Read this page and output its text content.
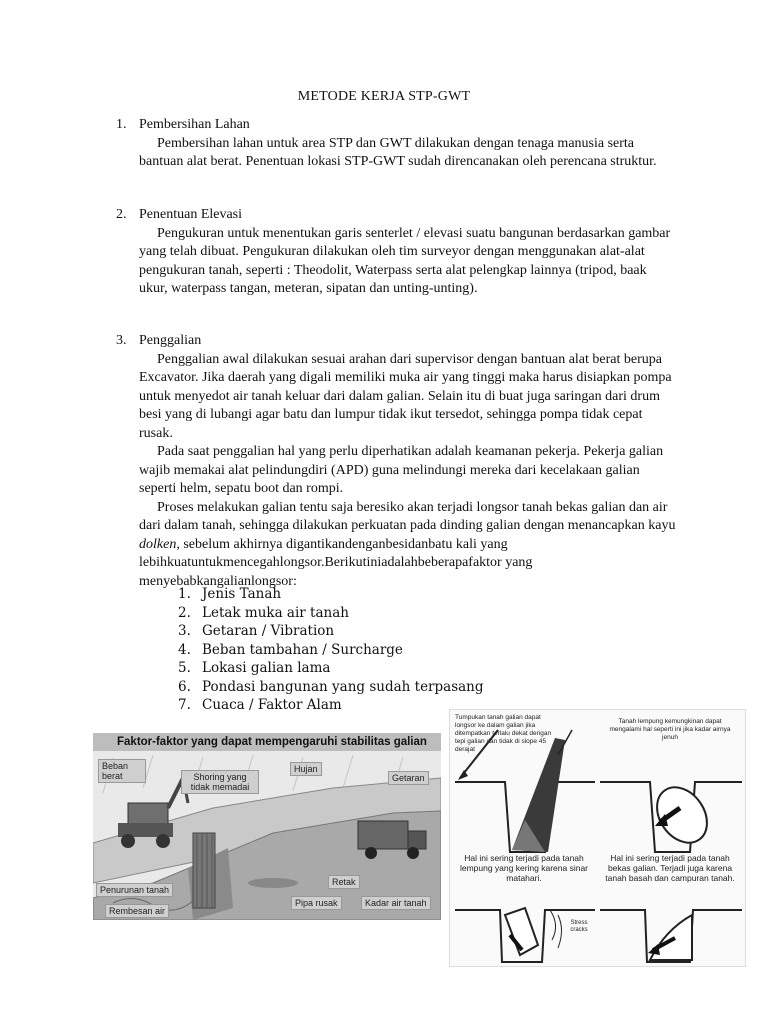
METODE KERJA STP-GWT
1. Pembersihan Lahan

Pembersihan lahan untuk area STP dan GWT dilakukan dengan tenaga manusia serta bantuan alat berat. Penentuan lokasi STP-GWT sudah direncanakan oleh perencana struktur.

2. Penentuan Elevasi

Pengukuran untuk menentukan garis senterlet / elevasi suatu bangunan berdasarkan gambar yang telah dibuat. Pengukuran dilakukan oleh tim surveyor dengan menggunakan alat-alat pengukuran tanah, seperti : Theodolit, Waterpass serta alat pelengkap lainnya (tripod, baak ukur, waterpass tangan, meteran, sipatan dan unting-unting).

3. Penggalian

Penggalian awal dilakukan sesuai arahan dari supervisor dengan bantuan alat berat berupa Excavator. Jika daerah yang digali memiliki muka air yang tinggi maka harus disiapkan pompa untuk menyedot air tanah keluar dari dalam galian. Selain itu di buat juga saringan dari drum besi yang di lubangi agar batu dan lumpur tidak ikut tersedot, sehingga pompa tidak cepat rusak.

Pada saat penggalian hal yang perlu diperhatikan adalah keamanan pekerja. Pekerja galian wajib memakai alat pelindungdiri (APD) guna melindungi mereka dari kecelakaan galian seperti helm, sepatu boot dan rompi.

Proses melakukan galian tentu saja beresiko akan terjadi longsor tanah bekas galian dan air dari dalam tanah, sehingga dilakukan perkuatan pada dinding galian dengan menancapkan kayu dolken, sebelum akhirnya digantikandenganbesidanbatu kali yang lebihkuatuntukmencegahlongsor.Berikutiniadalahbeberapafaktor yang menyebabkangalianlongsor:

1. Jenis Tanah
2. Letak muka air tanah
3. Getaran / Vibration
4. Beban tambahan / Surcharge
5. Lokasi galian lama
6. Pondasi bangunan yang sudah terpasang
7. Cuaca / Faktor Alam
Faktor-faktor yang dapat mempengaruhi stabilitas galian
Beban berat	Shoring yang tidak memadai
Hujan
Getaran
Penurunan tanah
Retak
Pipa rusak	Kadar air tanah
Rembesan air
Tumpukan tanah galian dapat longsor ke dalam galian jika ditempatkan terlalu dekat dengan tepi galian dan tidak di slope 45 derajat
Tanah lempung kemungkinan dapat mengalami hal seperti ini jika kadar airnya jenuh
Hal ini sering terjadi pada tanah lempung yang kering karena sinar matahari.
Hal ini sering terjadi pada tanah bekas galian. Terjadi juga karena tanah basah dan campuran tanah.
Stress cracks
